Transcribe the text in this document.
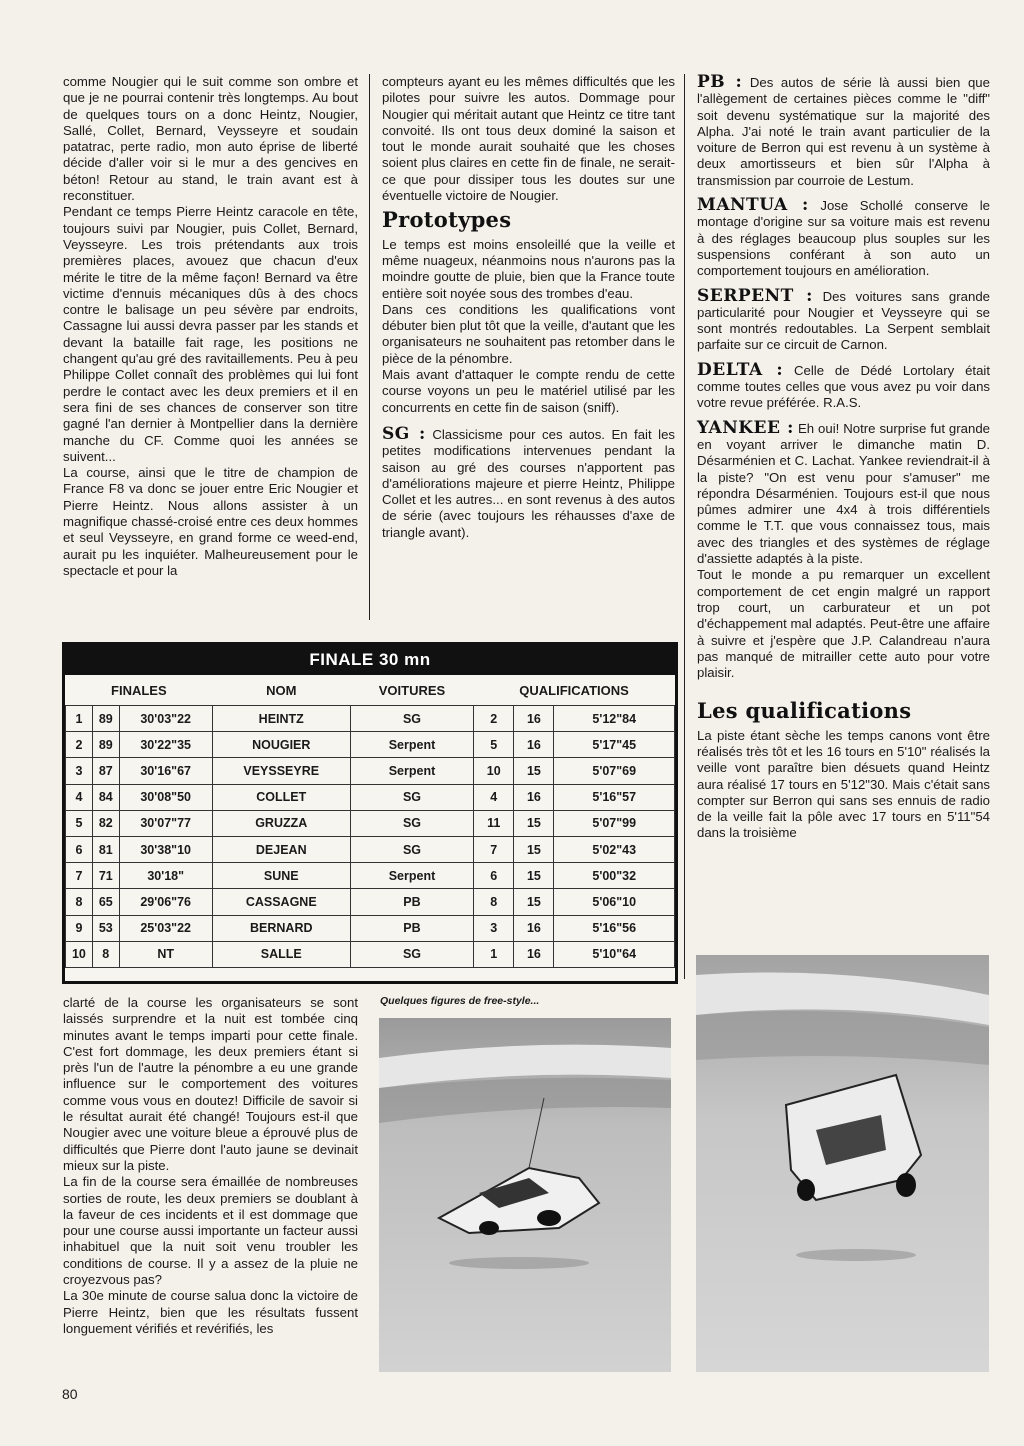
comme Nougier qui le suit comme son ombre et que je ne pourrai contenir très longtemps. Au bout de quelques tours on a donc Heintz, Nougier, Sallé, Collet, Bernard, Veysseyre et soudain patatrac, perte radio, mon auto éprise de liberté décide d'aller voir si le mur a des gencives en béton! Retour au stand, le train avant est à reconstituer.

Pendant ce temps Pierre Heintz caracole en tête, toujours suivi par Nougier, puis Collet, Bernard, Veysseyre. Les trois prétendants aux trois premières places, avouez que chacun d'eux mérite le titre de la même façon! Bernard va être victime d'ennuis mécaniques dûs à des chocs contre le balisage un peu sévère par endroits, Cassagne lui aussi devra passer par les stands et devant la bataille fait rage, les positions ne changent qu'au gré des ravitaillements. Peu à peu Philippe Collet connaît des problèmes qui lui font perdre le contact avec les deux premiers et il en sera fini de ses chances de conserver son titre gagné l'an dernier à Montpellier dans la dernière manche du CF. Comme quoi les années se suivent...

La course, ainsi que le titre de champion de France F8 va donc se jouer entre Eric Nougier et Pierre Heintz. Nous allons assister à un magnifique chassé-croisé entre ces deux hommes et seul Veysseyre, en grand forme ce weed-end, aurait pu les inquiéter. Malheureusement pour le spectacle et pour la

compteurs ayant eu les mêmes difficultés que les pilotes pour suivre les autos. Dommage pour Nougier qui méritait autant que Heintz ce titre tant convoité. Ils ont tous deux dominé la saison et tout le monde aurait souhaité que les choses soient plus claires en cette fin de finale, ne serait-ce que pour dissiper tous les doutes sur une éventuelle victoire de Nougier.

Prototypes

Le temps est moins ensoleillé que la veille et même nuageux, néanmoins nous n'aurons pas la moindre goutte de pluie, bien que la France toute entière soit noyée sous des trombes d'eau.

Dans ces conditions les qualifications vont débuter bien plut tôt que la veille, d'autant que les organisateurs ne souhaitent pas retomber dans le pièce de la pénombre.

Mais avant d'attaquer le compte rendu de cette course voyons un peu le matériel utilisé par les concurrents en cette fin de saison (sniff).

SG : Classicisme pour ces autos. En fait les petites modifications intervenues pendant la saison au gré des courses n'apportent pas d'améliorations majeure et pierre Heintz, Philippe Collet et les autres... en sont revenus à des autos de série (avec toujours les réhausses d'axe de triangle avant).

PB : Des autos de série là aussi bien que l'allègement de certaines pièces comme le "diff" soit devenu systématique sur la majorité des Alpha. J'ai noté le train avant particulier de la voiture de Berron qui est revenu à un système à deux amortisseurs et bien sûr l'Alpha à transmission par courroie de Lestum.

MANTUA : Jose Schollé conserve le montage d'origine sur sa voiture mais est revenu à des réglages beaucoup plus souples sur les suspensions conférant à son auto un comportement toujours en amélioration.

SERPENT : Des voitures sans grande particularité pour Nougier et Veysseyre qui se sont montrés redoutables. La Serpent semblait parfaite sur ce circuit de Carnon.

DELTA : Celle de Dédé Lortolary était comme toutes celles que vous avez pu voir dans votre revue préférée. R.A.S.

YANKEE : Eh oui! Notre surprise fut grande en voyant arriver le dimanche matin D. Désarménien et C. Lachat. Yankee reviendrait-il à la piste? "On est venu pour s'amuser" me répondra Désarménien. Toujours est-il que nous pûmes admirer une 4x4 à trois différentiels comme le T.T. que vous connaissez tous, mais avec des triangles et des systèmes de réglage d'assiette adaptés à la piste.

Tout le monde a pu remarquer un excellent comportement de cet engin malgré un rapport trop court, un carburateur et un pot d'échappement mal adaptés. Peut-être une affaire à suivre et j'espère que J.P. Calandreau n'aura pas manqué de mitrailler cette auto pour votre plaisir.

Les qualifications

La piste étant sèche les temps canons vont être réalisés très tôt et les 16 tours en 5'10" réalisés la veille vont paraître bien désuets quand Heintz aura réalisé 17 tours en 5'12"30. Mais c'était sans compter sur Berron qui sans ses ennuis de radio de la veille fait la pôle avec 17 tours en 5'11"54 dans la troisième

FINALE 30 mn
FINALES			NOM	VOITURES	QUALIFICATIONS		
1	89	30'03"22	HEINTZ	SG	2	16	5'12"84
2	89	30'22"35	NOUGIER	Serpent	5	16	5'17"45
3	87	30'16"67	VEYSSEYRE	Serpent	10	15	5'07"69
4	84	30'08"50	COLLET	SG	4	16	5'16"57
5	82	30'07"77	GRUZZA	SG	11	15	5'07"99
6	81	30'38"10	DEJEAN	SG	7	15	5'02"43
7	71	30'18"	SUNE	Serpent	6	15	5'00"32
8	65	29'06"76	CASSAGNE	PB	8	15	5'06"10
9	53	25'03"22	BERNARD	PB	3	16	5'16"56
10	8	NT	SALLE	SG	1	16	5'10"64

clarté de la course les organisateurs se sont laissés surprendre et la nuit est tombée cinq minutes avant le temps imparti pour cette finale. C'est fort dommage, les deux premiers étant si près l'un de l'autre la pénombre a eu une grande influence sur le comportement des voitures comme vous vous en doutez! Difficile de savoir si le résultat aurait été changé! Toujours est-il que Nougier avec une voiture bleue a éprouvé plus de difficultés que Pierre dont l'auto jaune se devinait mieux sur la piste.

La fin de la course sera émaillée de nombreuses sorties de route, les deux premiers se doublant à la faveur de ces incidents et il est dommage que pour une course aussi importante un facteur aussi inhabituel que la nuit soit venu troubler les conditions de course. Il y a assez de la pluie ne croyezvous pas?

La 30e minute de course salua donc la victoire de Pierre Heintz, bien que les résultats fussent longuement vérifiés et revérifiés, les

Quelques figures de free-style...
80
